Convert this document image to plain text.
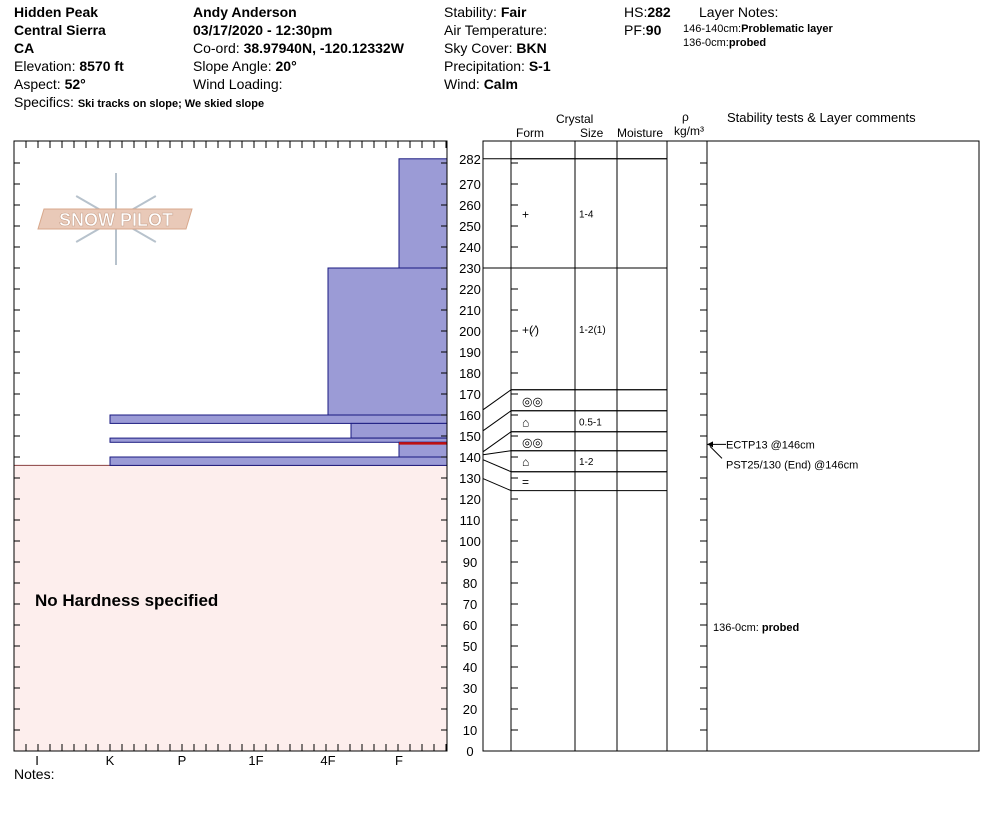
Hidden Peak
Central Sierra
CA
Elevation: 8570 ft
Aspect: 52°
Specifics: Ski tracks on slope; We skied slope
Andy Anderson
03/17/2020 - 12:30pm
Co-ord: 38.97940N, -120.12332W
Slope Angle: 20°
Wind Loading:
Stability: Fair
Air Temperature:
Sky Cover: BKN
Precipitation: S-1
Wind: Calm
HS:282
PF:90
Layer Notes:
146-140cm:Problematic layer
136-0cm:probed
Crystal
Form	Size Moisture
ρ
kg/m³
Stability tests & Layer comments
SNOW PILOT
0
10
20
30
40
50
60
70
80
90
100
110
120
130
140
150
160
170
180
190
200
210
220
230
240
250
260
270
282
I	K	P	1F	4F	F
+	1-4
+(⁄)	1-2(1)
◎◎
⌂	0.5-1
◎◎
⌂	1-2
=
ECTP13 @146cm
PST25/130 (End) @146cm
136-0cm: probed
No Hardness specified
Notes:
